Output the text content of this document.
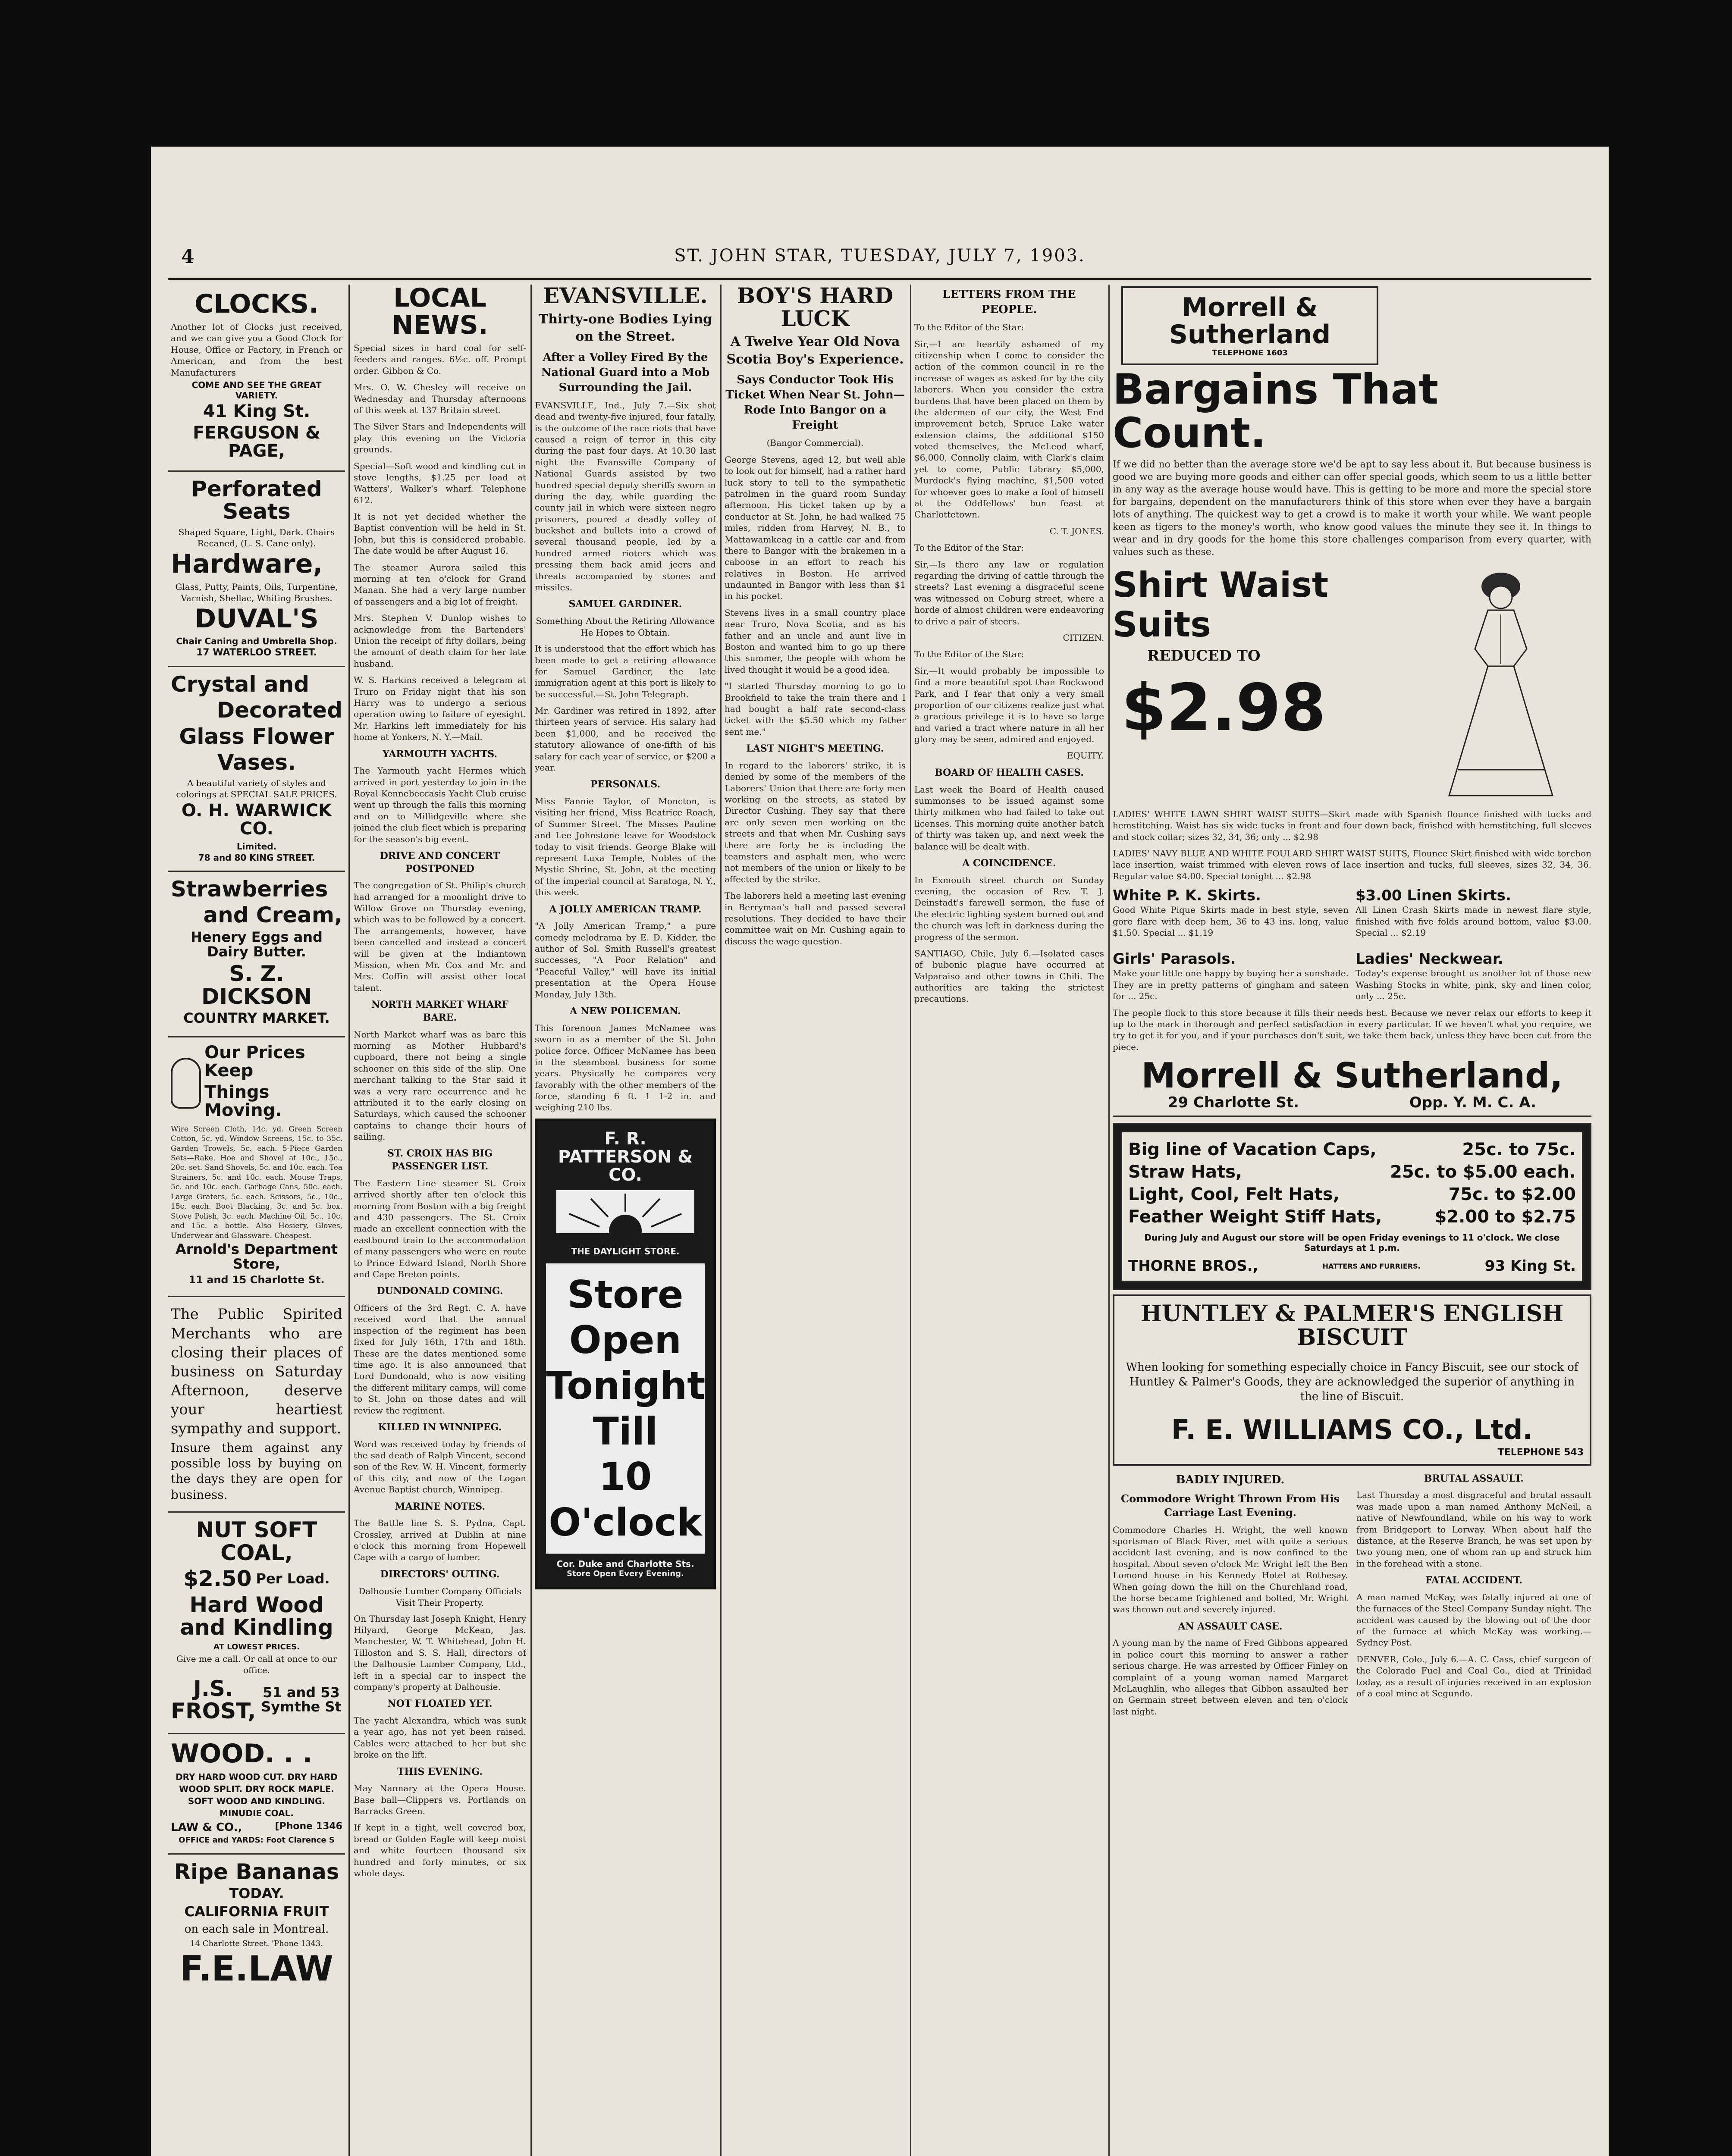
4	ST. JOHN STAR, TUESDAY, JULY 7, 1903.
CLOCKS.

Another lot of Clocks just received, and we can give you a Good Clock for House, Office or Factory, in French or American, and from the best Manufacturers

COME AND SEE THE GREAT VARIETY.

41 King St.
FERGUSON & PAGE,
Perforated Seats

Shaped Square, Light, Dark. Chairs Recaned, (L. S. Cane only).

Hardware,

Glass, Putty, Paints, Oils, Turpentine, Varnish, Shellac, Whiting Brushes.

DUVAL'S

Chair Caning and Umbrella Shop.

17 WATERLOO STREET.

Crystal and
Decorated
Glass Flower
Vases.

A beautiful variety of styles and colorings at SPECIAL SALE PRICES.

O. H. WARWICK CO.

Limited.

78 and 80 KING STREET.

Strawberries
and Cream,
Henery Eggs and Dairy Butter.
S. Z. DICKSON
COUNTRY MARKET.
Our Prices Keep
Things Moving.

Wire Screen Cloth, 14c. yd. Green Screen Cotton, 5c. yd. Window Screens, 15c. to 35c. Garden Trowels, 5c. each. 5-Piece Garden Sets—Rake, Hoe and Shovel at 10c., 15c., 20c. set. Sand Shovels, 5c. and 10c. each. Tea Strainers, 5c. and 10c. each. Mouse Traps, 5c. and 10c. each. Garbage Cans, 50c. each. Large Graters, 5c. each. Scissors, 5c., 10c., 15c. each. Boot Blacking, 3c. and 5c. box. Stove Polish, 3c. each. Machine Oil, 5c., 10c. and 15c. a bottle. Also Hosiery, Gloves, Underwear and Glassware. Cheapest.

Arnold's Department Store,
11 and 15 Charlotte St.

The Public Spirited Merchants who are closing their places of business on Saturday Afternoon, deserve your heartiest sympathy and support.

Insure them against any possible loss by buying on the days they are open for business.

NUT SOFT COAL,
$2.50 Per Load.
Hard Wood and Kindling

AT LOWEST PRICES.

Give me a call. Or call at once to our office.

J.S. FROST,
51 and 53 Symthe St
WOOD. . .

DRY HARD WOOD CUT. DRY HARD WOOD SPLIT. DRY ROCK MAPLE. SOFT WOOD AND KINDLING. MINUDIE COAL.

LAW & CO.,	[Phone 1346

OFFICE and YARDS: Foot Clarence S

Ripe Bananas
TODAY.
CALIFORNIA FRUIT

on each sale in Montreal.

14 Charlotte Street. 'Phone 1343.

F.E.LAW
LOCAL NEWS.

Special sizes in hard coal for self-feeders and ranges. 6½c. off. Prompt order. Gibbon & Co.

Mrs. O. W. Chesley will receive on Wednesday and Thursday afternoons of this week at 137 Britain street.

The Silver Stars and Independents will play this evening on the Victoria grounds.

Special—Soft wood and kindling cut in stove lengths, $1.25 per load at Watters', Walker's wharf. Telephone 612.

It is not yet decided whether the Baptist convention will be held in St. John, but this is considered probable. The date would be after August 16.

The steamer Aurora sailed this morning at ten o'clock for Grand Manan. She had a very large number of passengers and a big lot of freight.

Mrs. Stephen V. Dunlop wishes to acknowledge from the Bartenders' Union the receipt of fifty dollars, being the amount of death claim for her late husband.

W. S. Harkins received a telegram at Truro on Friday night that his son Harry was to undergo a serious operation owing to failure of eyesight. Mr. Harkins left immediately for his home at Yonkers, N. Y.—Mail.

YARMOUTH YACHTS.

The Yarmouth yacht Hermes which arrived in port yesterday to join in the Royal Kennebeccasis Yacht Club cruise went up through the falls this morning and on to Millidgeville where she joined the club fleet which is preparing for the season's big event.

DRIVE AND CONCERT POSTPONED

The congregation of St. Philip's church had arranged for a moonlight drive to Willow Grove on Thursday evening, which was to be followed by a concert. The arrangements, however, have been cancelled and instead a concert will be given at the Indiantown Mission, when Mr. Cox and Mr. and Mrs. Coffin will assist other local talent.

NORTH MARKET WHARF BARE.

North Market wharf was as bare this morning as Mother Hubbard's cupboard, there not being a single schooner on this side of the slip. One merchant talking to the Star said it was a very rare occurrence and he attributed it to the early closing on Saturdays, which caused the schooner captains to change their hours of sailing.

ST. CROIX HAS BIG PASSENGER LIST.

The Eastern Line steamer St. Croix arrived shortly after ten o'clock this morning from Boston with a big freight and 430 passengers. The St. Croix made an excellent connection with the eastbound train to the accommodation of many passengers who were en route to Prince Edward Island, North Shore and Cape Breton points.

DUNDONALD COMING.

Officers of the 3rd Regt. C. A. have received word that the annual inspection of the regiment has been fixed for July 16th, 17th and 18th. These are the dates mentioned some time ago. It is also announced that Lord Dundonald, who is now visiting the different military camps, will come to St. John on those dates and will review the regiment.

KILLED IN WINNIPEG.

Word was received today by friends of the sad death of Ralph Vincent, second son of the Rev. W. H. Vincent, formerly of this city, and now of the Logan Avenue Baptist church, Winnipeg.

MARINE NOTES.

The Battle line S. S. Pydna, Capt. Crossley, arrived at Dublin at nine o'clock this morning from Hopewell Cape with a cargo of lumber.

DIRECTORS' OUTING.
Dalhousie Lumber Company Officials Visit Their Property.

On Thursday last Joseph Knight, Henry Hilyard, George McKean, Jas. Manchester, W. T. Whitehead, John H. Tilloston and S. S. Hall, directors of the Dalhousie Lumber Company, Ltd., left in a special car to inspect the company's property at Dalhousie.

NOT FLOATED YET.

The yacht Alexandra, which was sunk a year ago, has not yet been raised. Cables were attached to her but she broke on the lift.

THIS EVENING.

May Nannary at the Opera House. Base ball—Clippers vs. Portlands on Barracks Green.

If kept in a tight, well covered box, bread or Golden Eagle will keep moist and white fourteen thousand six hundred and forty minutes, or six whole days.

EVANSVILLE.
Thirty-one Bodies Lying on the Street.
After a Volley Fired By the National Guard into a Mob Surrounding the Jail.

EVANSVILLE, Ind., July 7.—Six shot dead and twenty-five injured, four fatally, is the outcome of the race riots that have caused a reign of terror in this city during the past four days. At 10.30 last night the Evansville Company of National Guards assisted by two hundred special deputy sheriffs sworn in during the day, while guarding the county jail in which were sixteen negro prisoners, poured a deadly volley of buckshot and bullets into a crowd of several thousand people, led by a hundred armed rioters which was pressing them back amid jeers and threats accompanied by stones and missiles.

SAMUEL GARDINER.
Something About the Retiring Allowance He Hopes to Obtain.

It is understood that the effort which has been made to get a retiring allowance for Samuel Gardiner, the late immigration agent at this port is likely to be successful.—St. John Telegraph.

Mr. Gardiner was retired in 1892, after thirteen years of service. His salary had been $1,000, and he received the statutory allowance of one-fifth of his salary for each year of service, or $200 a year.

PERSONALS.

Miss Fannie Taylor, of Moncton, is visiting her friend, Miss Beatrice Roach, of Summer Street. The Misses Pauline and Lee Johnstone leave for Woodstock today to visit friends. George Blake will represent Luxa Temple, Nobles of the Mystic Shrine, St. John, at the meeting of the imperial council at Saratoga, N. Y., this week.

A JOLLY AMERICAN TRAMP.

"A Jolly American Tramp," a pure comedy melodrama by E. D. Kidder, the author of Sol. Smith Russell's greatest successes, "A Poor Relation" and "Peaceful Valley," will have its initial presentation at the Opera House Monday, July 13th.

A NEW POLICEMAN.

This forenoon James McNamee was sworn in as a member of the St. John police force. Officer McNamee has been in the steamboat business for some years. Physically he compares very favorably with the other members of the force, standing 6 ft. 1 1-2 in. and weighing 210 lbs.

F. R. PATTERSON & CO.
THE DAYLIGHT STORE.
Store
Open
Tonight
Till
10 O'clock
Cor. Duke and Charlotte Sts.
Store Open Every Evening.
BOY'S HARD LUCK
A Twelve Year Old Nova Scotia Boy's Experience.
Says Conductor Took His Ticket When Near St. John—Rode Into Bangor on a Freight

(Bangor Commercial).

George Stevens, aged 12, but well able to look out for himself, had a rather hard luck story to tell to the sympathetic patrolmen in the guard room Sunday afternoon. His ticket taken up by a conductor at St. John, he had walked 75 miles, ridden from Harvey, N. B., to Mattawamkeag in a cattle car and from there to Bangor with the brakemen in a caboose in an effort to reach his relatives in Boston. He arrived undaunted in Bangor with less than $1 in his pocket.

Stevens lives in a small country place near Truro, Nova Scotia, and as his father and an uncle and aunt live in Boston and wanted him to go up there this summer, the people with whom he lived thought it would be a good idea.

"I started Thursday morning to go to Brookfield to take the train there and I had bought a half rate second-class ticket with the $5.50 which my father sent me."

LAST NIGHT'S MEETING.

In regard to the laborers' strike, it is denied by some of the members of the Laborers' Union that there are forty men working on the streets, as stated by Director Cushing. They say that there are only seven men working on the streets and that when Mr. Cushing says there are forty he is including the teamsters and asphalt men, who were not members of the union or likely to be affected by the strike.

The laborers held a meeting last evening in Berryman's hall and passed several resolutions. They decided to have their committee wait on Mr. Cushing again to discuss the wage question.

LETTERS FROM THE PEOPLE.

To the Editor of the Star:

Sir,—I am heartily ashamed of my citizenship when I come to consider the action of the common council in re the increase of wages as asked for by the city laborers. When you consider the extra burdens that have been placed on them by the aldermen of our city, the West End improvement betch, Spruce Lake water extension claims, the additional $150 voted themselves, the McLeod wharf, $6,000, Connolly claim, with Clark's claim yet to come, Public Library $5,000, Murdock's flying machine, $1,500 voted for whoever goes to make a fool of himself at the Oddfellows' bun feast at Charlottetown.

C. T. JONES.

To the Editor of the Star:

Sir,—Is there any law or regulation regarding the driving of cattle through the streets? Last evening a disgraceful scene was witnessed on Coburg street, where a horde of almost children were endeavoring to drive a pair of steers.

CITIZEN.

To the Editor of the Star:

Sir,—It would probably be impossible to find a more beautiful spot than Rockwood Park, and I fear that only a very small proportion of our citizens realize just what a gracious privilege it is to have so large and varied a tract where nature in all her glory may be seen, admired and enjoyed.

EQUITY.

BOARD OF HEALTH CASES.

Last week the Board of Health caused summonses to be issued against some thirty milkmen who had failed to take out licenses. This morning quite another batch of thirty was taken up, and next week the balance will be dealt with.

A COINCIDENCE.

In Exmouth street church on Sunday evening, the occasion of Rev. T. J. Deinstadt's farewell sermon, the fuse of the electric lighting system burned out and the church was left in darkness during the progress of the sermon.

SANTIAGO, Chile, July 6.—Isolated cases of bubonic plague have occurred at Valparaiso and other towns in Chili. The authorities are taking the strictest precautions.

Morrell & Sutherland
TELEPHONE 1603
Bargains That Count.

If we did no better than the average store we'd be apt to say less about it. But because business is good we are buying more goods and either can offer special goods, which seem to us a little better in any way as the average house would have. This is getting to be more and more the special store for bargains, dependent on the manufacturers think of this store when ever they have a bargain lots of anything. The quickest way to get a crowd is to make it worth your while. We want people keen as tigers to the money's worth, who know good values the minute they see it. In things to wear and in dry goods for the home this store challenges comparison from every quarter, with values such as these.

Shirt Waist
Suits
REDUCED TO
$2.98

LADIES' WHITE LAWN SHIRT WAIST SUITS—Skirt made with Spanish flounce finished with tucks and hemstitching. Waist has six wide tucks in front and four down back, finished with hemstitching, full sleeves and stock collar; sizes 32, 34, 36; only ... $2.98

LADIES' NAVY BLUE AND WHITE FOULARD SHIRT WAIST SUITS, Flounce Skirt finished with wide torchon lace insertion, waist trimmed with eleven rows of lace insertion and tucks, full sleeves, sizes 32, 34, 36. Regular value $4.00. Special tonight ... $2.98

White P. K. Skirts.

Good White Pique Skirts made in best style, seven gore flare with deep hem, 36 to 43 ins. long, value $1.50. Special ... $1.19

$3.00 Linen Skirts.

All Linen Crash Skirts made in newest flare style, finished with five folds around bottom, value $3.00. Special ... $2.19

Girls' Parasols.

Make your little one happy by buying her a sunshade. They are in pretty patterns of gingham and sateen for ... 25c.

Ladies' Neckwear.

Today's expense brought us another lot of those new Washing Stocks in white, pink, sky and linen color, only ... 25c.

The people flock to this store because it fills their needs best. Because we never relax our efforts to keep it up to the mark in thorough and perfect satisfaction in every particular. If we haven't what you require, we try to get it for you, and if your purchases don't suit, we take them back, unless they have been cut from the piece.

Morrell & Sutherland,
29 Charlotte St.	Opp. Y. M. C. A.
Big line of Vacation Caps,	25c. to 75c.
Straw Hats,	25c. to $5.00 each.
Light, Cool, Felt Hats,	75c. to $2.00
Feather Weight Stiff Hats,	$2.00 to $2.75

During July and August our store will be open Friday evenings to 11 o'clock. We close Saturdays at 1 p.m.

THORNE BROS.,	HATTERS AND FURRIERS.	93 King St.
HUNTLEY & PALMER'S ENGLISH BISCUIT

When looking for something especially choice in Fancy Biscuit, see our stock of Huntley & Palmer's Goods, they are acknowledged the superior of anything in the line of Biscuit.

F. E. WILLIAMS CO., Ltd.
TELEPHONE 543
BADLY INJURED.
Commodore Wright Thrown From His Carriage Last Evening.

Commodore Charles H. Wright, the well known sportsman of Black River, met with quite a serious accident last evening, and is now confined to the hospital. About seven o'clock Mr. Wright left the Ben Lomond house in his Kennedy Hotel at Rothesay. When going down the hill on the Churchland road, the horse became frightened and bolted, Mr. Wright was thrown out and severely injured.

AN ASSAULT CASE.

A young man by the name of Fred Gibbons appeared in police court this morning to answer a rather serious charge. He was arrested by Officer Finley on complaint of a young woman named Margaret McLaughlin, who alleges that Gibbon assaulted her on Germain street between eleven and ten o'clock last night.

BRUTAL ASSAULT.

Last Thursday a most disgraceful and brutal assault was made upon a man named Anthony McNeil, a native of Newfoundland, while on his way to work from Bridgeport to Lorway. When about half the distance, at the Reserve Branch, he was set upon by two young men, one of whom ran up and struck him in the forehead with a stone.

FATAL ACCIDENT.

A man named McKay, was fatally injured at one of the furnaces of the Steel Company Sunday night. The accident was caused by the blowing out of the door of the furnace at which McKay was working.—Sydney Post.

DENVER, Colo., July 6.—A. C. Cass, chief surgeon of the Colorado Fuel and Coal Co., died at Trinidad today, as a result of injuries received in an explosion of a coal mine at Segundo.
